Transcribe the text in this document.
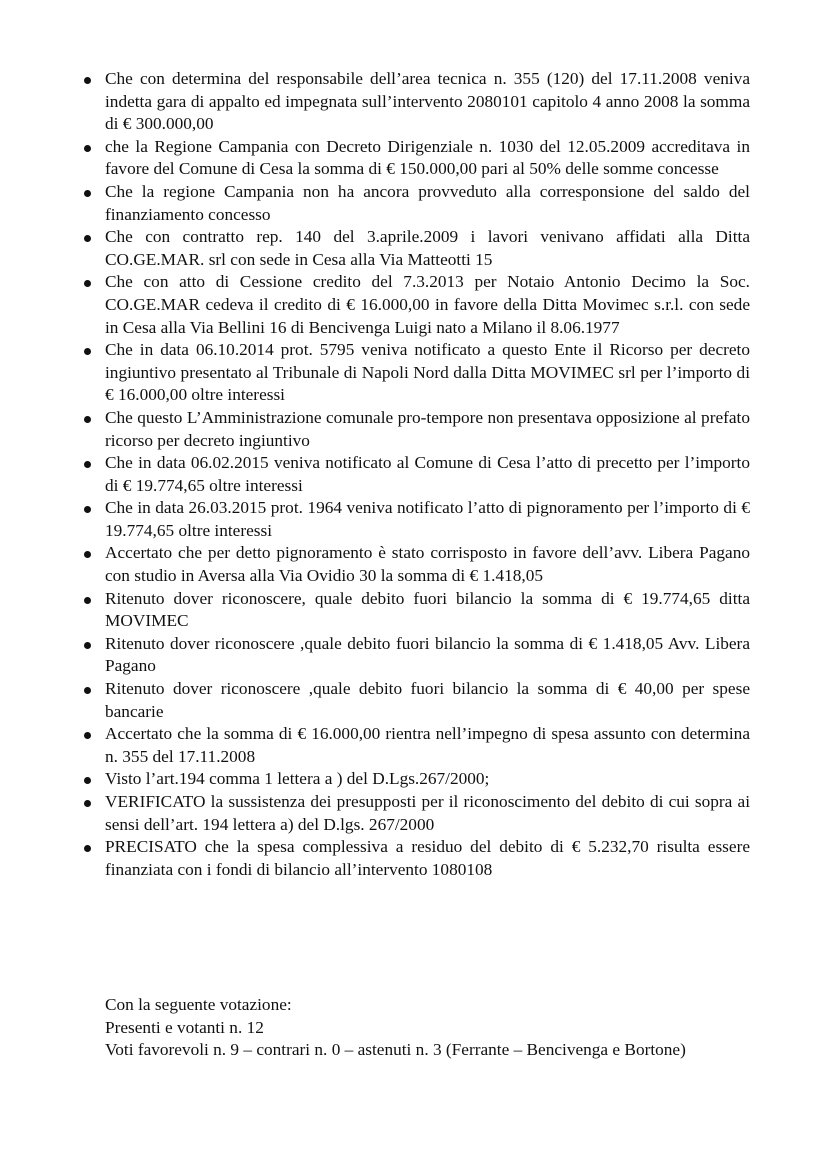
Che con determina del responsabile dell’area tecnica n. 355 (120) del 17.11.2008 veniva indetta gara di appalto ed impegnata sull’intervento 2080101 capitolo 4 anno 2008 la somma di € 300.000,00
che la Regione Campania con Decreto Dirigenziale n. 1030 del 12.05.2009 accreditava in favore del Comune di Cesa la somma di € 150.000,00 pari al 50% delle somme concesse
Che la regione Campania non ha ancora provveduto alla corresponsione del saldo del finanziamento concesso
Che con contratto rep. 140 del 3.aprile.2009 i lavori venivano affidati alla Ditta CO.GE.MAR. srl con sede in Cesa alla Via Matteotti 15
Che con atto di Cessione credito del 7.3.2013 per Notaio Antonio Decimo la Soc. CO.GE.MAR cedeva il credito di € 16.000,00 in favore della Ditta Movimec s.r.l. con sede in Cesa alla Via Bellini 16 di Bencivenga Luigi nato a Milano il 8.06.1977
Che in data 06.10.2014 prot. 5795 veniva notificato a questo Ente il Ricorso per decreto ingiuntivo presentato al Tribunale di Napoli Nord dalla Ditta MOVIMEC srl per l’importo di € 16.000,00 oltre interessi
Che questo L’Amministrazione comunale pro-tempore non presentava opposizione al prefato ricorso per decreto ingiuntivo
Che in data 06.02.2015 veniva notificato al Comune di Cesa l’atto di precetto per l’importo di € 19.774,65 oltre interessi
Che in data 26.03.2015 prot. 1964 veniva notificato l’atto di pignoramento per l’importo di € 19.774,65 oltre interessi
Accertato che per detto pignoramento è stato corrisposto in favore dell’avv. Libera Pagano con studio in Aversa alla Via Ovidio 30 la somma di € 1.418,05
Ritenuto dover riconoscere, quale debito fuori bilancio la somma di € 19.774,65 ditta MOVIMEC
Ritenuto dover riconoscere ,quale debito fuori bilancio la somma di € 1.418,05 Avv. Libera Pagano
Ritenuto dover riconoscere ,quale debito fuori bilancio la somma di € 40,00 per spese bancarie
Accertato che la somma di € 16.000,00 rientra nell’impegno di spesa assunto con determina n. 355 del 17.11.2008
Visto l’art.194 comma 1 lettera a ) del D.Lgs.267/2000;
VERIFICATO la sussistenza dei presupposti per il riconoscimento del debito di cui sopra ai sensi dell’art. 194 lettera a) del D.lgs. 267/2000
PRECISATO che la spesa complessiva a residuo del debito di € 5.232,70 risulta essere finanziata con i fondi di bilancio all’intervento 1080108

Con la seguente votazione:

Presenti e votanti n. 12

Voti favorevoli n. 9 – contrari n. 0 – astenuti n. 3 (Ferrante – Bencivenga e Bortone)
